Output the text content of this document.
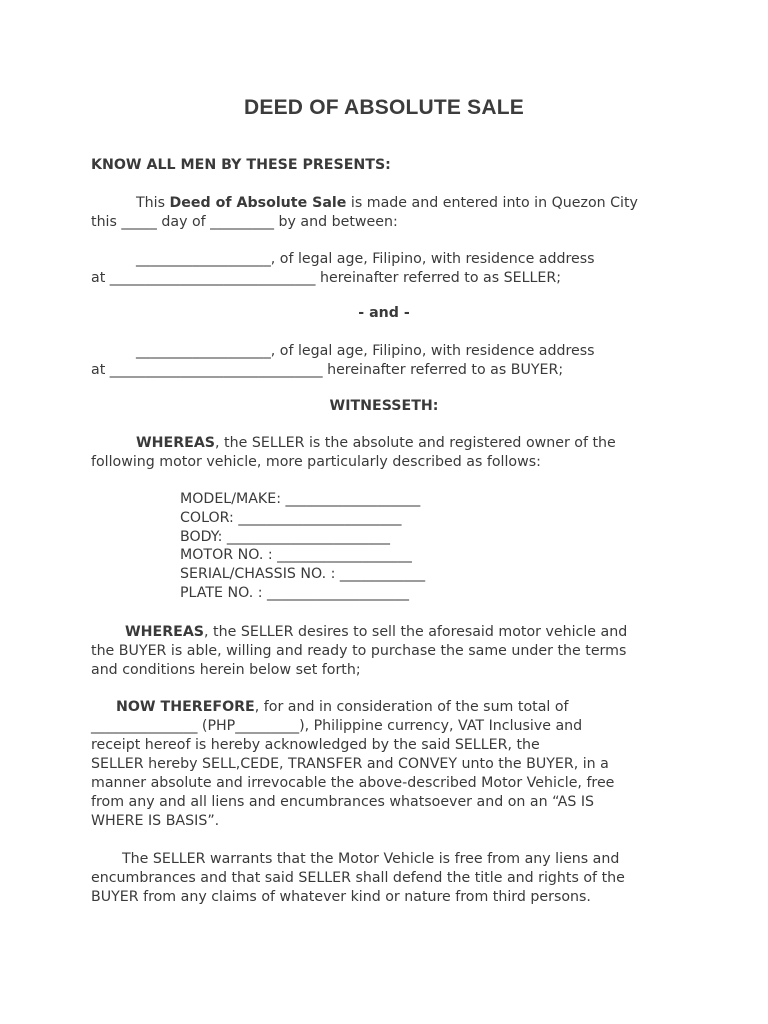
DEED OF ABSOLUTE SALE
KNOW ALL MEN BY THESE PRESENTS:
This Deed of Absolute Sale is made and entered into in Quezon City
this _____ day of _________ by and between:
___________________, of legal age, Filipino, with residence address
at _____________________________ hereinafter referred to as SELLER;
- and -
___________________, of legal age, Filipino, with residence address
at ______________________________ hereinafter referred to as BUYER;
WITNESSETH:
WHEREAS, the SELLER is the absolute and registered owner of the
following motor vehicle, more particularly described as follows:
MODEL/MAKE: ___________________
COLOR: _______________________
BODY: _______________________
MOTOR NO. : ___________________
SERIAL/CHASSIS NO. : ____________
PLATE NO. : ____________________
WHEREAS, the SELLER desires to sell the aforesaid motor vehicle and
the BUYER is able, willing and ready to purchase the same under the terms
and conditions herein below set forth;
NOW THEREFORE, for and in consideration of the sum total of
_______________ (PHP_________), Philippine currency, VAT Inclusive and
receipt hereof is hereby acknowledged by the said SELLER, the
SELLER hereby SELL,CEDE, TRANSFER and CONVEY unto the BUYER, in a
manner absolute and irrevocable the above-described Motor Vehicle, free
from any and all liens and encumbrances whatsoever and on an “AS IS
WHERE IS BASIS”.
The SELLER warrants that the Motor Vehicle is free from any liens and
encumbrances and that said SELLER shall defend the title and rights of the
BUYER from any claims of whatever kind or nature from third persons.
